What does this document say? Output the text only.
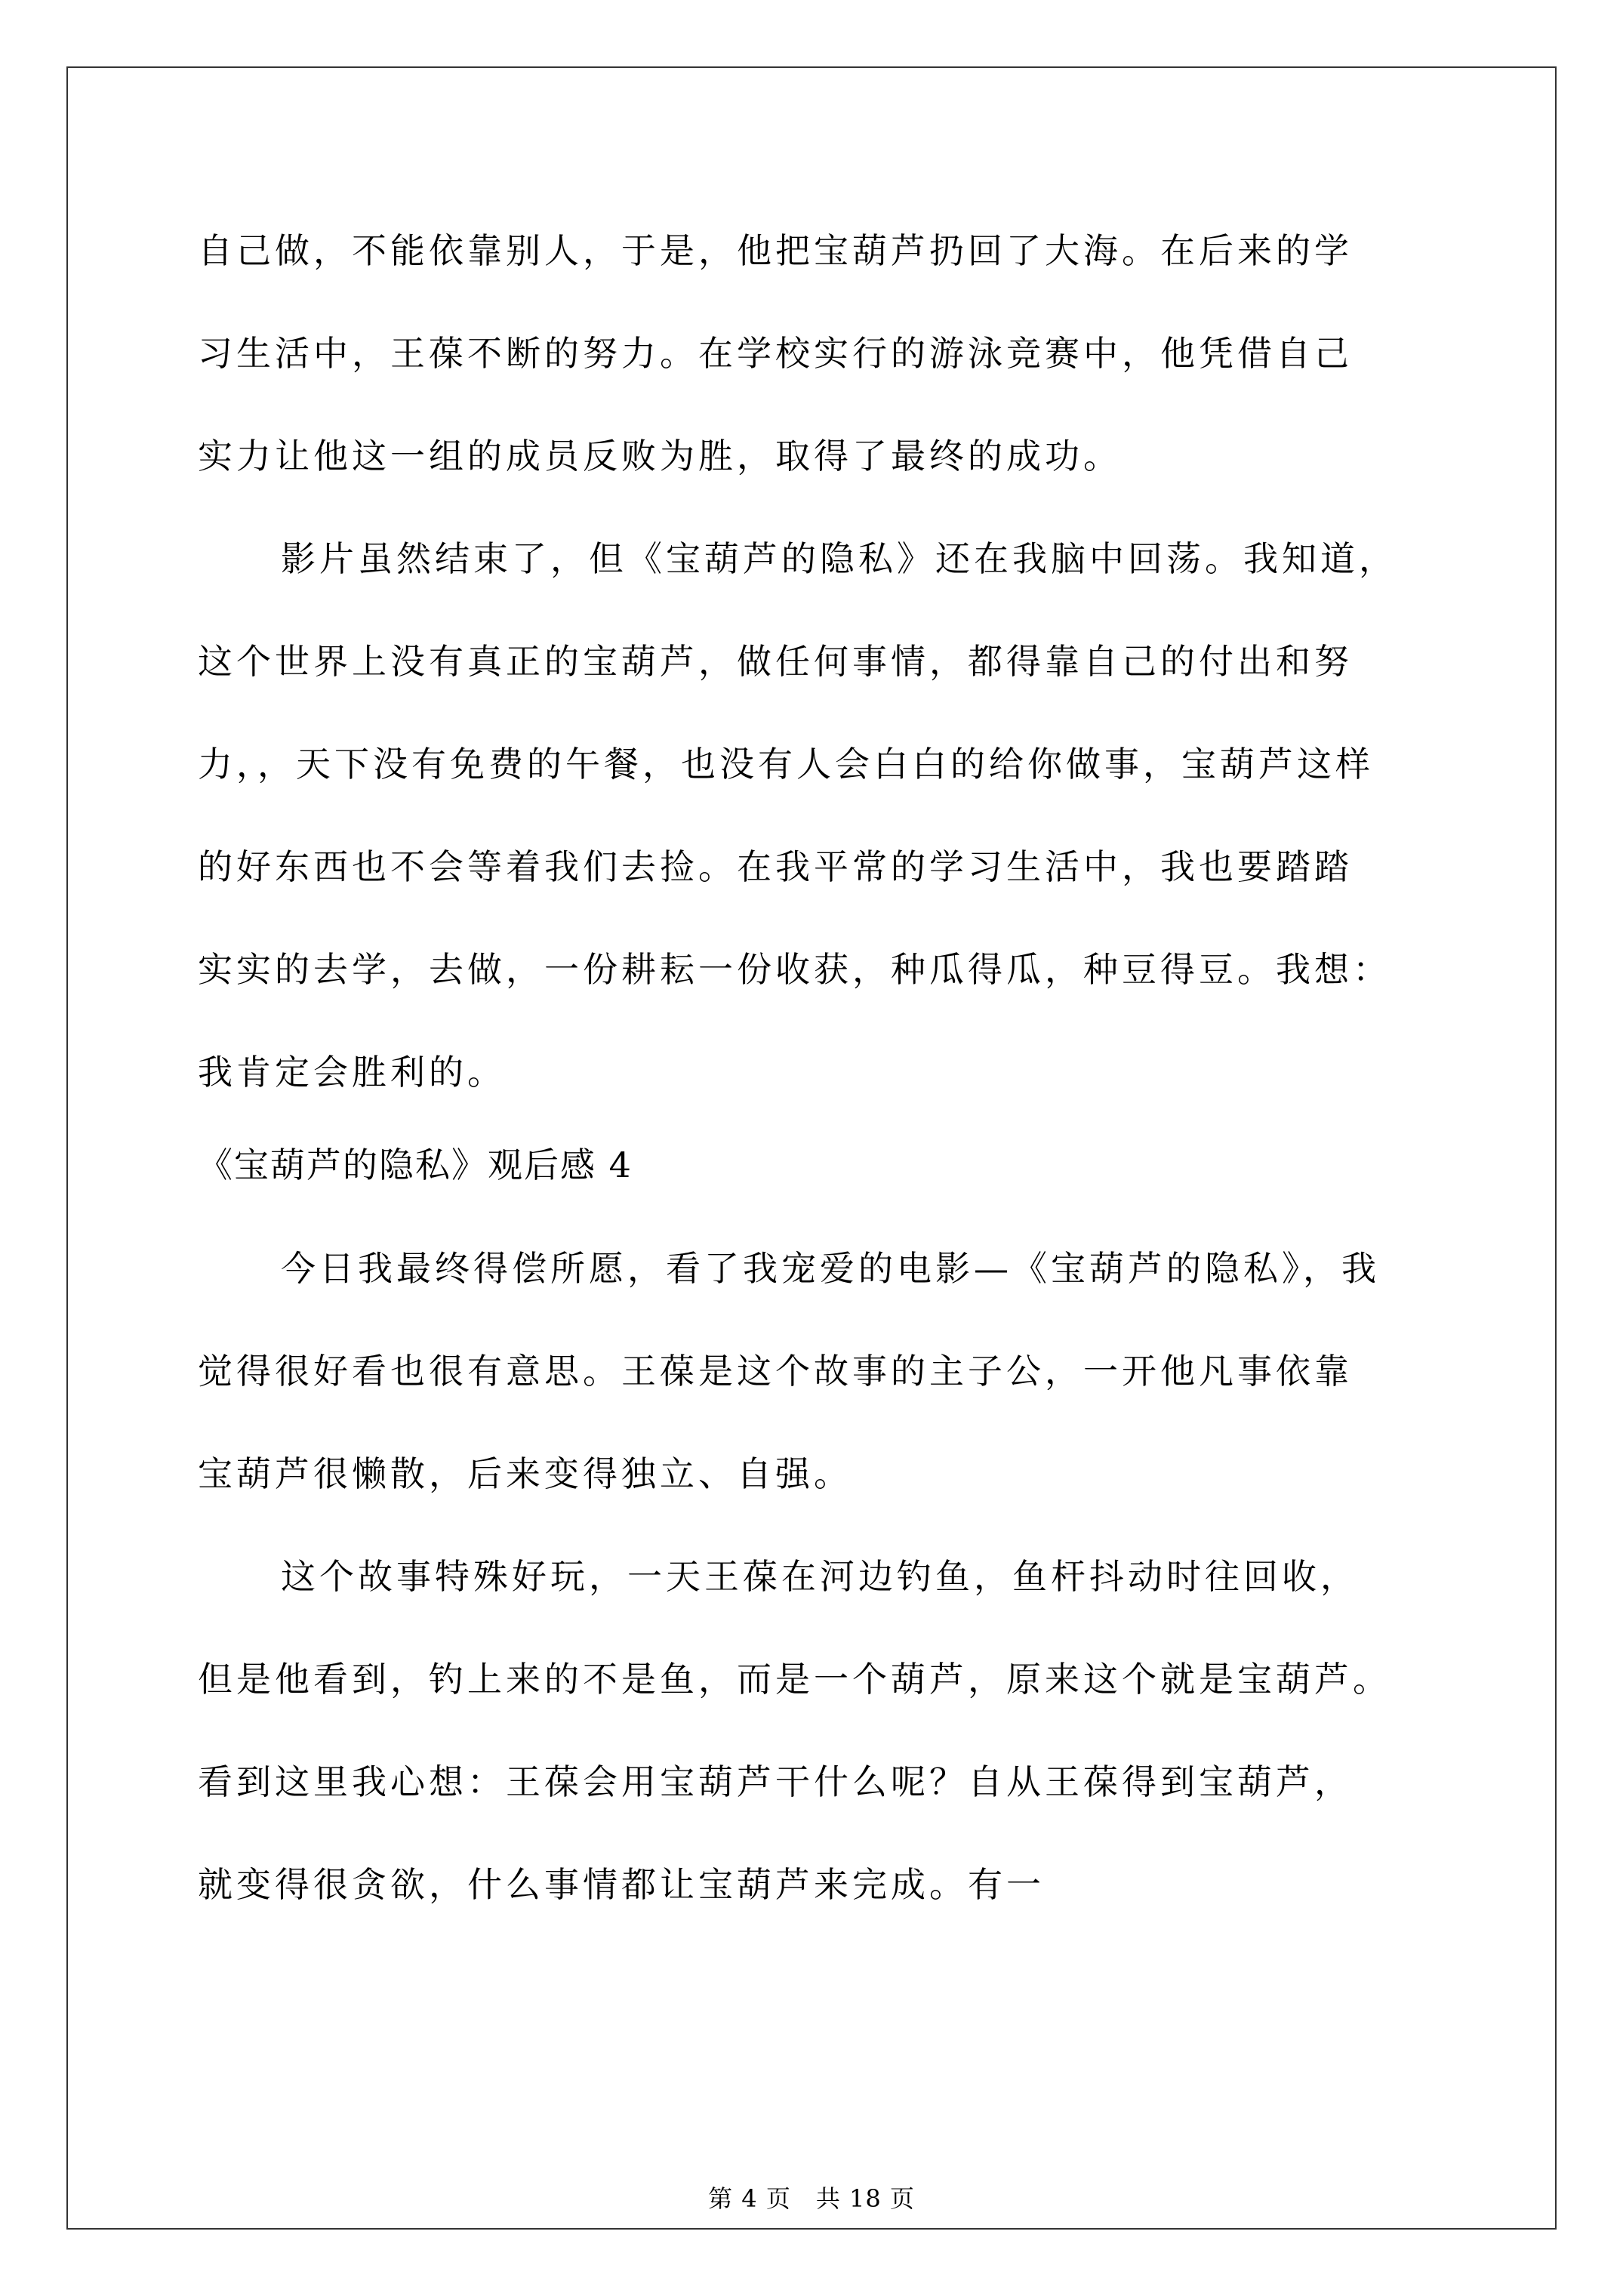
自己做，不能依靠别人，于是，他把宝葫芦扔回了大海。在后来的学
习生活中，王葆不断的努力。在学校实行的游泳竞赛中，他凭借自己
实力让他这一组的成员反败为胜，取得了最终的成功。
影片虽然结束了，但《宝葫芦的隐私》还在我脑中回荡。我知道，
这个世界上没有真正的宝葫芦，做任何事情，都得靠自己的付出和努
力，，天下没有免费的午餐，也没有人会白白的给你做事，宝葫芦这样
的好东西也不会等着我们去捡。在我平常的学习生活中，我也要踏踏
实实的去学，去做，一份耕耘一份收获，种瓜得瓜，种豆得豆。我想：
我肯定会胜利的。
《宝葫芦的隐私》观后感 4
今日我最终得偿所愿，看了我宠爱的电影—《宝葫芦的隐私》，我
觉得很好看也很有意思。王葆是这个故事的主子公，一开他凡事依靠
宝葫芦很懒散，后来变得独立、自强。
这个故事特殊好玩，一天王葆在河边钓鱼，鱼杆抖动时往回收，
但是他看到，钓上来的不是鱼，而是一个葫芦，原来这个就是宝葫芦。
看到这里我心想：王葆会用宝葫芦干什么呢？自从王葆得到宝葫芦，
就变得很贪欲，什么事情都让宝葫芦来完成。有一
第 4 页　共 18 页
